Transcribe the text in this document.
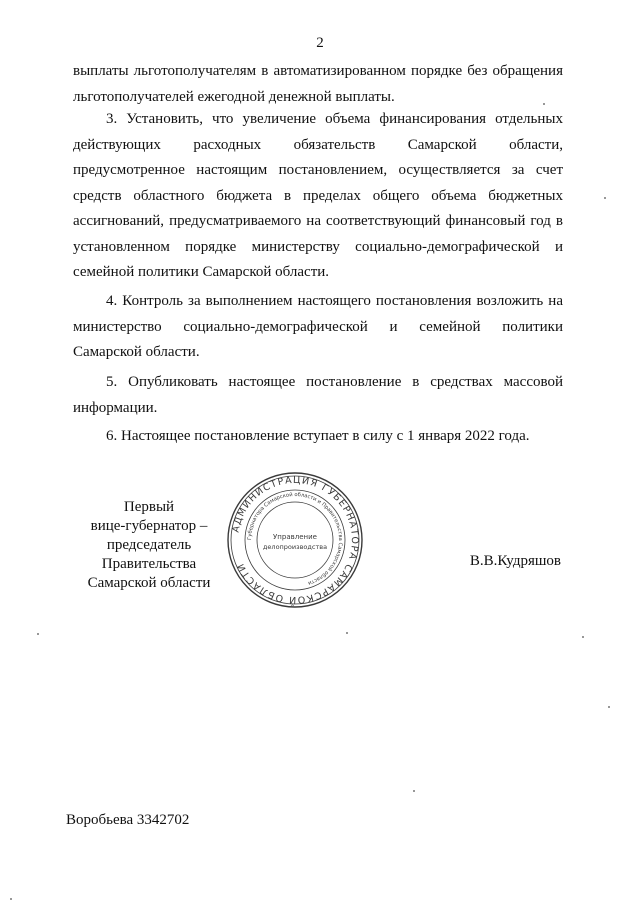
2

выплаты льготополучателям в автоматизированном порядке без обращения льготополучателей ежегодной денежной выплаты.

3. Установить, что увеличение объема финансирования отдельных действующих расходных обязательств Самарской области, предусмотренное настоящим постановлением, осуществляется за счет средств областного бюджета в пределах общего объема бюджетных ассигнований, предусматриваемого на соответствующий финансовый год в установленном порядке министерству социально-демографической и семейной политики Самарской области.

4. Контроль за выполнением настоящего постановления возложить на министерство социально-демографической и семейной политики Самарской области.

5. Опубликовать настоящее постановление в средствах массовой информации.

6. Настоящее постановление вступает в силу с 1 января 2022 года.

Первый
вице-губернатор –
председатель Правительства
Самарской области
АДМИНИСТРАЦИЯ ГУБЕРНАТОРА САМАРСКОЙ ОБЛАСТИ
Губернатора Самарской области и Правительства Самарской области
Управление
делопроизводства
В.В.Кудряшов
Воробьева 3342702
